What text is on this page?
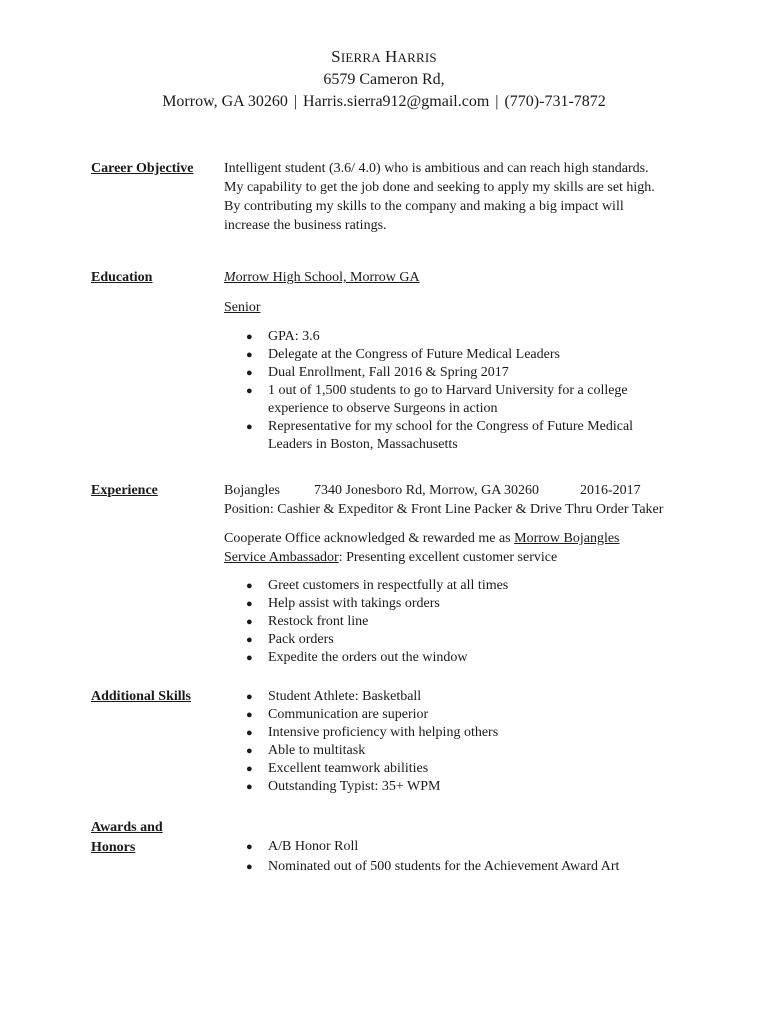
SIERRA HARRIS
6579 Cameron Rd,
Morrow, GA 30260 | Harris.sierra912@gmail.com | (770)-731-7872
Career Objective Intelligent student (3.6/ 4.0) who is ambitious and can reach high standards.

My capability to get the job done and seeking to apply my skills are set high.

By contributing my skills to the company and making a big impact will

increase the business ratings.

Education	Morrow High School, Morrow GA
Senior
● GPA: 3.6
● Delegate at the Congress of Future Medical Leaders
● Dual Enrollment, Fall 2016 & Spring 2017
● 1 out of 1,500 students to go to Harvard University for a college
experience to observe Surgeons in action
● Representative for my school for the Congress of Future Medical
Leaders in Boston, Massachusetts
Experience	Bojangles 7340 Jonesboro Rd, Morrow, GA 30260	2016-2017
Position: Cashier & Expeditor & Front Line Packer & Drive Thru Order Taker
Cooperate Office acknowledged & rewarded me as Morrow Bojangles
Service Ambassador: Presenting excellent customer service
● Greet customers in respectfully at all times
● Help assist with takings orders
● Restock front line
● Pack orders
● Expedite the orders out the window
Additional Skills	● Student Athlete: Basketball
● Communication are superior
● Intensive proficiency with helping others
● Able to multitask
● Excellent teamwork abilities
● Outstanding Typist: 35+ WPM
Awards and
Honors	● A/B Honor Roll
● Nominated out of 500 students for the Achievement Award Art
